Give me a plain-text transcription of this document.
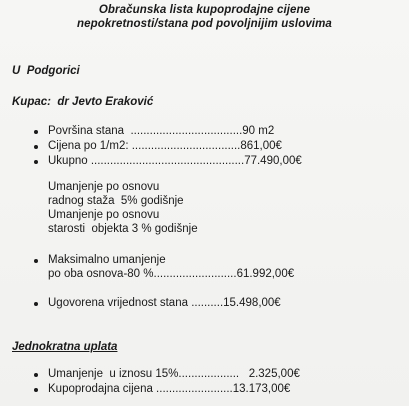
Obračunska lista kupoprodajne cijene
nepokretnosti/stana pod povoljnijim uslovima
U  Podgorici
Kupac:  dr Jevto Eraković
Površina stana  ...................................90 m2
Cijena po 1/m2: ..................................861,00€
Ukupno ................................................77.490,00€
Umanjenje po osnovu
radnog staža  5% godišnje
Umanjenje po osnovu
starosti  objekta 3 % godišnje
Maksimalno umanjenje
po oba osnova-80 %..........................61.992,00€
Ugovorena vrijednost stana ..........15.498,00€
Jednokratna uplata
Umanjenje  u iznosu 15%...................   2.325,00€
Kupoprodajna cijena ........................13.173,00€
